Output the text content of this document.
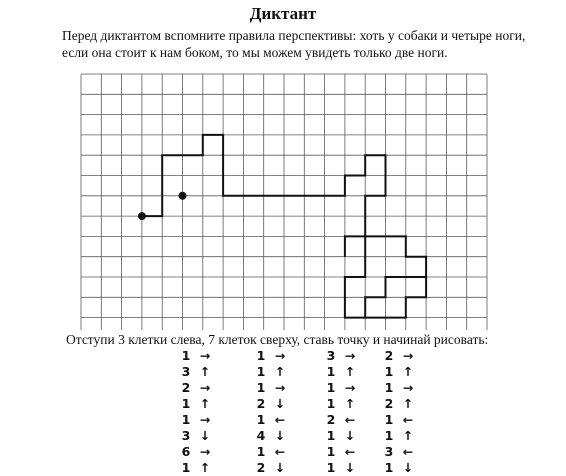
Диктант
Перед диктантом вспомните правила перспективы: хоть у собаки и четыре ноги, если она стоит к нам боком, то мы можем увидеть только две ноги.
Отступи 3 клетки слева, 7 клеток сверху, ставь точку и начинай рисовать:
1 →
3 ↑
2 →
1 ↑
1 →
3 ↓
6 →
1 ↑
1 →
1 ↑
1 →
2 ↓
1 ←
4 ↓
1 ←
2 ↓
3 →
1 ↑
1 →
1 ↑
2 ←
1 ↓
1 ←
1 ↓
2 →
1 ↑
1 →
2 ↑
1 ←
1 ↑
3 ←
1 ↓
